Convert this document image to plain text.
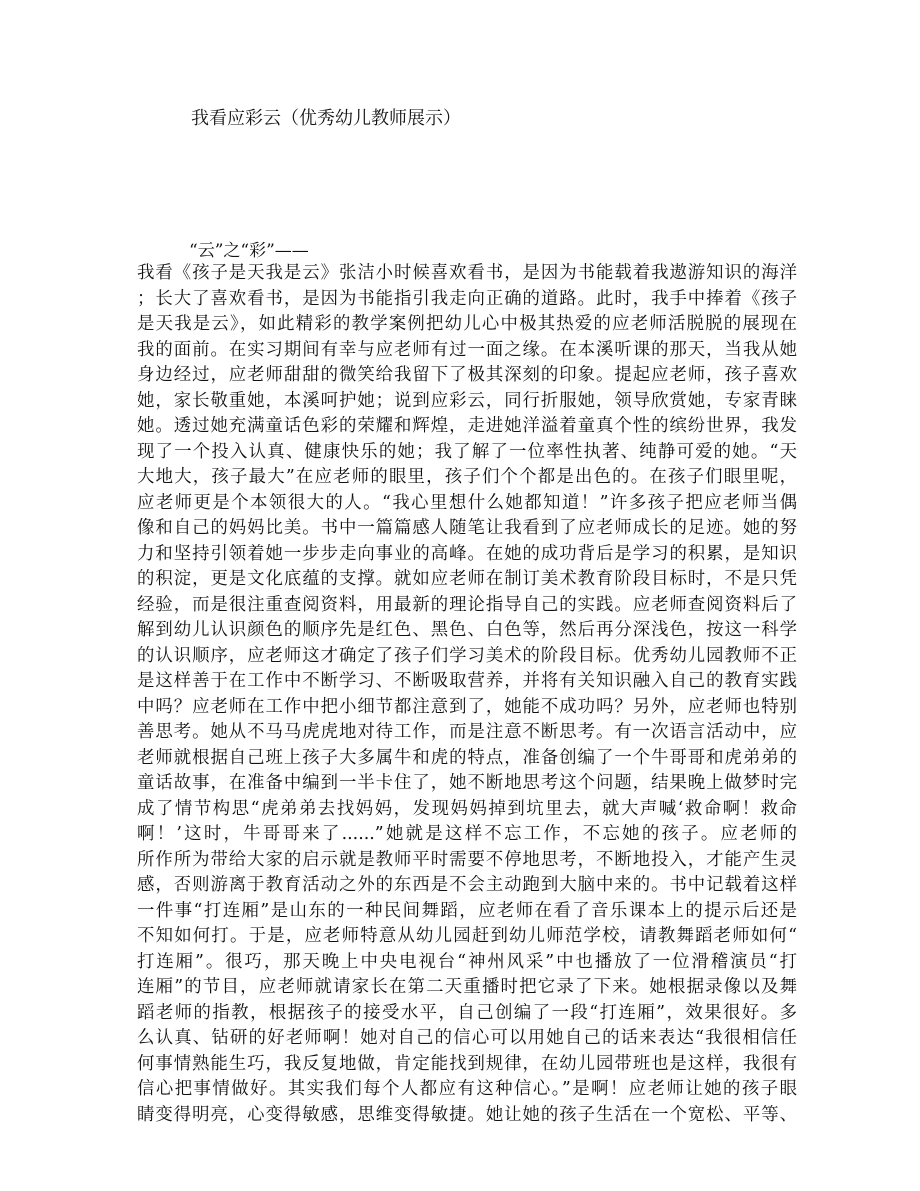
我看应彩云（优秀幼儿教师展示）
“云”之“彩”——
我看《孩子是天我是云》张洁小时候喜欢看书，是因为书能载着我遨游知识的海洋
；长大了喜欢看书，是因为书能指引我走向正确的道路。此时，我手中捧着《孩子
是天我是云》，如此精彩的教学案例把幼儿心中极其热爱的应老师活脱脱的展现在
我的面前。在实习期间有幸与应老师有过一面之缘。在本溪听课的那天，当我从她
身边经过，应老师甜甜的微笑给我留下了极其深刻的印象。提起应老师，孩子喜欢
她，家长敬重她，本溪呵护她；说到应彩云，同行折服她，领导欣赏她，专家青睐
她。透过她充满童话色彩的荣耀和辉煌，走进她洋溢着童真个性的缤纷世界，我发
现了一个投入认真、健康快乐的她；我了解了一位率性执著、纯静可爱的她。“天
大地大，孩子最大”在应老师的眼里，孩子们个个都是出色的。在孩子们眼里呢，
应老师更是个本领很大的人。“我心里想什么她都知道！”许多孩子把应老师当偶
像和自己的妈妈比美。书中一篇篇感人随笔让我看到了应老师成长的足迹。她的努
力和坚持引领着她一步步走向事业的高峰。在她的成功背后是学习的积累，是知识
的积淀，更是文化底蕴的支撑。就如应老师在制订美术教育阶段目标时，不是只凭
经验，而是很注重查阅资料，用最新的理论指导自己的实践。应老师查阅资料后了
解到幼儿认识颜色的顺序先是红色、黑色、白色等，然后再分深浅色，按这一科学
的认识顺序，应老师这才确定了孩子们学习美术的阶段目标。优秀幼儿园教师不正
是这样善于在工作中不断学习、不断吸取营养，并将有关知识融入自己的教育实践
中吗？应老师在工作中把小细节都注意到了，她能不成功吗？另外，应老师也特别
善思考。她从不马马虎虎地对待工作，而是注意不断思考。有一次语言活动中，应
老师就根据自己班上孩子大多属牛和虎的特点，准备创编了一个牛哥哥和虎弟弟的
童话故事，在准备中编到一半卡住了，她不断地思考这个问题，结果晚上做梦时完
成了情节构思“虎弟弟去找妈妈，发现妈妈掉到坑里去，就大声喊‘救命啊！救命
啊！’这时，牛哥哥来了......”她就是这样不忘工作，不忘她的孩子。应老师的
所作所为带给大家的启示就是教师平时需要不停地思考，不断地投入，才能产生灵
感，否则游离于教育活动之外的东西是不会主动跑到大脑中来的。书中记载着这样
一件事“打连厢”是山东的一种民间舞蹈，应老师在看了音乐课本上的提示后还是
不知如何打。于是，应老师特意从幼儿园赶到幼儿师范学校，请教舞蹈老师如何“
打连厢”。很巧，那天晚上中央电视台“神州风采”中也播放了一位滑稽演员“打
连厢”的节目，应老师就请家长在第二天重播时把它录了下来。她根据录像以及舞
蹈老师的指教，根据孩子的接受水平，自己创编了一段“打连厢”，效果很好。多
么认真、钻研的好老师啊！她对自己的信心可以用她自己的话来表达“我很相信任
何事情熟能生巧，我反复地做，肯定能找到规律，在幼儿园带班也是这样，我很有
信心把事情做好。其实我们每个人都应有这种信心。”是啊！应老师让她的孩子眼
睛变得明亮，心变得敏感，思维变得敏捷。她让她的孩子生活在一个宽松、平等、
